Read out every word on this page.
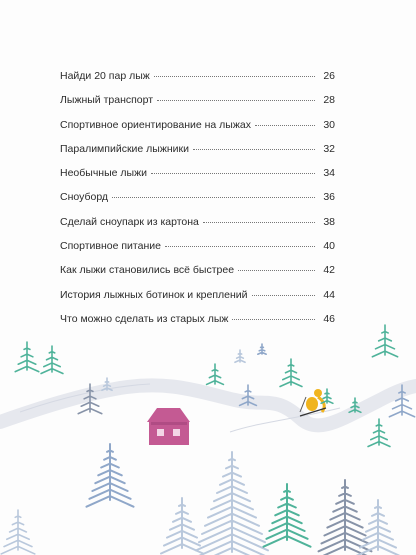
Найди 20 пар лыж	26
Лыжный транспорт	28
Спортивное ориентирование на лыжах	30
Паралимпийские лыжники	32
Необычные лыжи	34
Сноуборд	36
Сделай сноупарк из картона	38
Спортивное питание	40
Как лыжи становились всё быстрее	42
История лыжных ботинок и креплений	44
Что можно сделать из старых лыж	46
